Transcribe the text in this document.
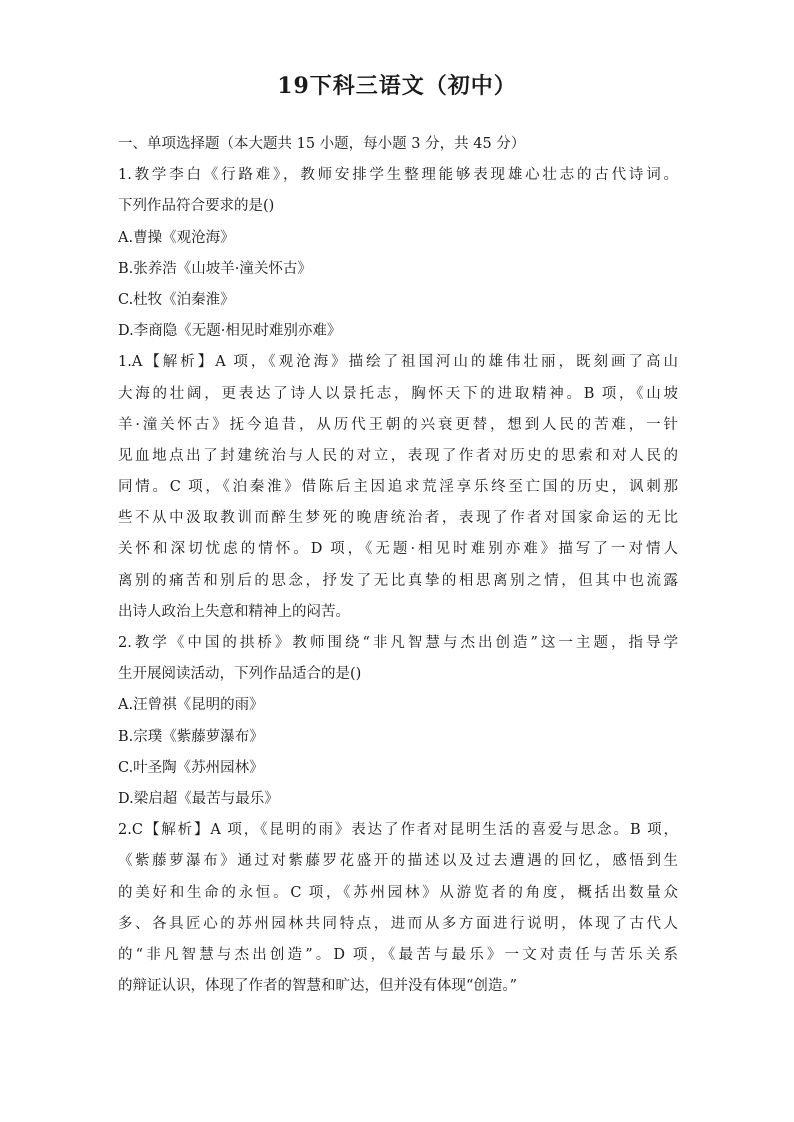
19下科三语文（初中）
一、单项选择题（本大题共 15 小题，每小题 3 分，共 45 分）
1.教学李白《行路难》，教师安排学生整理能够表现雄心壮志的古代诗词。
下列作品符合要求的是()
A.曹操《观沧海》
B.张养浩《山坡羊·潼关怀古》
C.杜牧《泊秦淮》
D.李商隐《无题·相见时难别亦难》
1.A【解析】A 项，《观沧海》描绘了祖国河山的雄伟壮丽，既刻画了高山
大海的壮阔，更表达了诗人以景托志，胸怀天下的进取精神。B 项，《山坡
羊·潼关怀古》抚今追昔，从历代王朝的兴衰更替，想到人民的苦难，一针
见血地点出了封建统治与人民的对立，表现了作者对历史的思索和对人民的
同情。C 项，《泊秦淮》借陈后主因追求荒淫享乐终至亡国的历史，讽刺那
些不从中汲取教训而醉生梦死的晚唐统治者，表现了作者对国家命运的无比
关怀和深切忧虑的情怀。D 项，《无题·相见时难别亦难》描写了一对情人
离别的痛苦和别后的思念，抒发了无比真挚的相思离别之情，但其中也流露
出诗人政治上失意和精神上的闷苦。
2.教学《中国的拱桥》教师围绕“非凡智慧与杰出创造”这一主题，指导学
生开展阅读活动，下列作品适合的是()
A.汪曾祺《昆明的雨》
B.宗璞《紫藤萝瀑布》
C.叶圣陶《苏州园林》
D.梁启超《最苦与最乐》
2.C【解析】A 项，《昆明的雨》表达了作者对昆明生活的喜爱与思念。B 项，
《紫藤萝瀑布》通过对紫藤罗花盛开的描述以及过去遭遇的回忆，感悟到生
的美好和生命的永恒。C 项，《苏州园林》从游览者的角度，概括出数量众
多、各具匠心的苏州园林共同特点，进而从多方面进行说明，体现了古代人
的“非凡智慧与杰出创造”。D 项，《最苦与最乐》一文对责任与苦乐关系
的辩证认识，体现了作者的智慧和旷达，但并没有体现“创造。”
